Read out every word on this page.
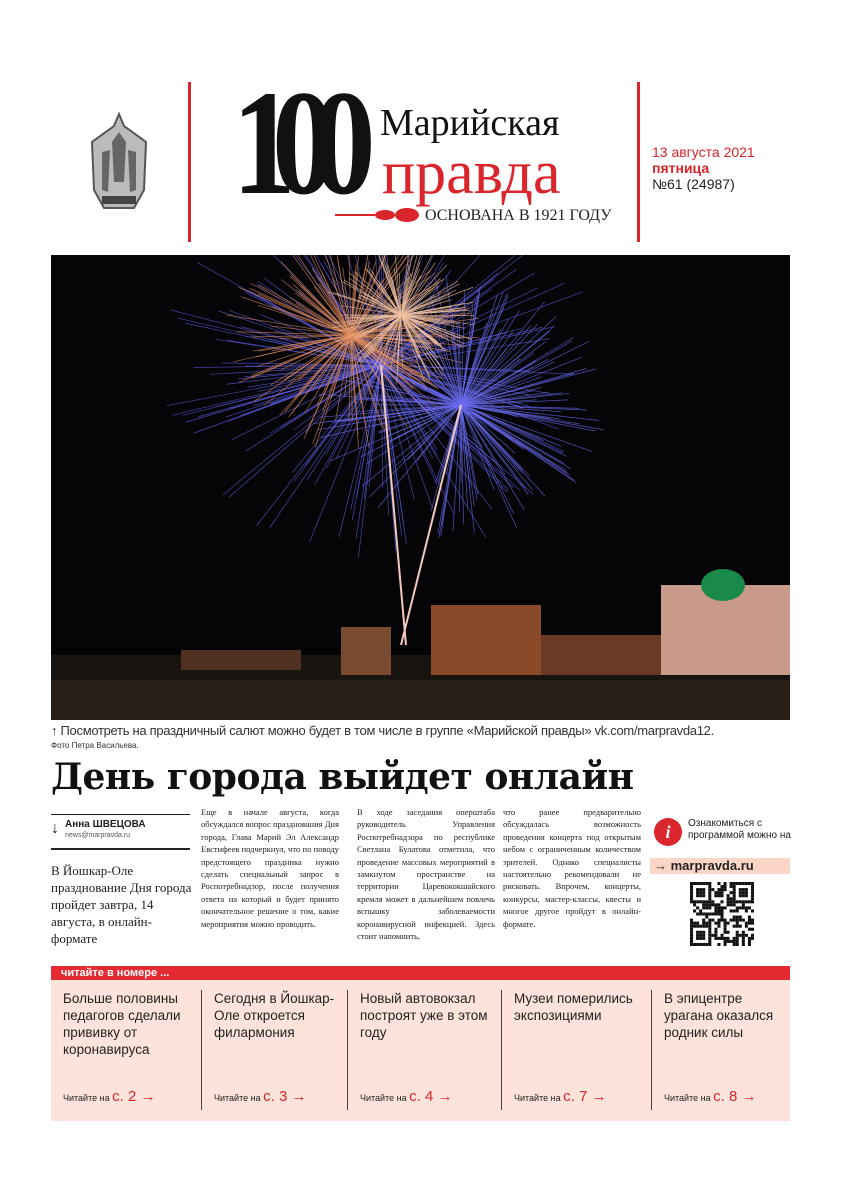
100 Марийская
правда
ОСНОВАНА В 1921 ГОДУ
13 августа 2021
пятница
№61 (24987)
↑ Посмотреть на праздничный салют можно будет в том числе в группе «Марийской правды» vk.com/marpravda12.
Фото Петра Васильева.
День города выйдет онлайн
↓ Анна ШВЕЦОВА
news@marpravda.ru

В Йошкар-Оле празднование Дня города пройдет завтра, 14 августа, в онлайн-формате

Еще в начале августа, когда обсуждался вопрос празднования Дня города, Глава Марий Эл Александр Евстифеев подчеркнул, что по поводу предстоящего праздника нужно сделать специальный запрос в Роспотребнадзор, после получения ответа на который и будет принято окончательное решение о том, какие мероприятия можно проводить.

В ходе заседания оперштаба руководитель Управления Роспотребнадзора по республике Светлана Булатова отметила, что проведение массовых мероприятий в замкнутом пространстве на территории Царевококшайского кремля может в дальнейшем повлечь вспышку заболеваемости коронавирусной инфекцией. Здесь стоит напомнить,

что ранее предварительно обсуждалась возможность проведения концерта под открытым небом с ограниченным количеством зрителей. Однако специалисты настоятельно рекомендовали не рисковать. Впрочем, концерты, конкурсы, мастер-классы, квесты и многое другое пройдут в онлайн-формате.

i	Ознакомиться с программой можно на
→ marpravda.ru
читайте в номере ...
Больше половины педагогов сделали прививку от коронавируса
Читайте на с. 2 →
Сегодня в Йошкар-Оле откроется филармония
Читайте на с. 3 →
Новый автовокзал построят уже в этом году
Читайте на с. 4 →
Музеи померились экспозициями
Читайте на с. 7 →
В эпицентре урагана оказался родник силы
Читайте на с. 8 →
